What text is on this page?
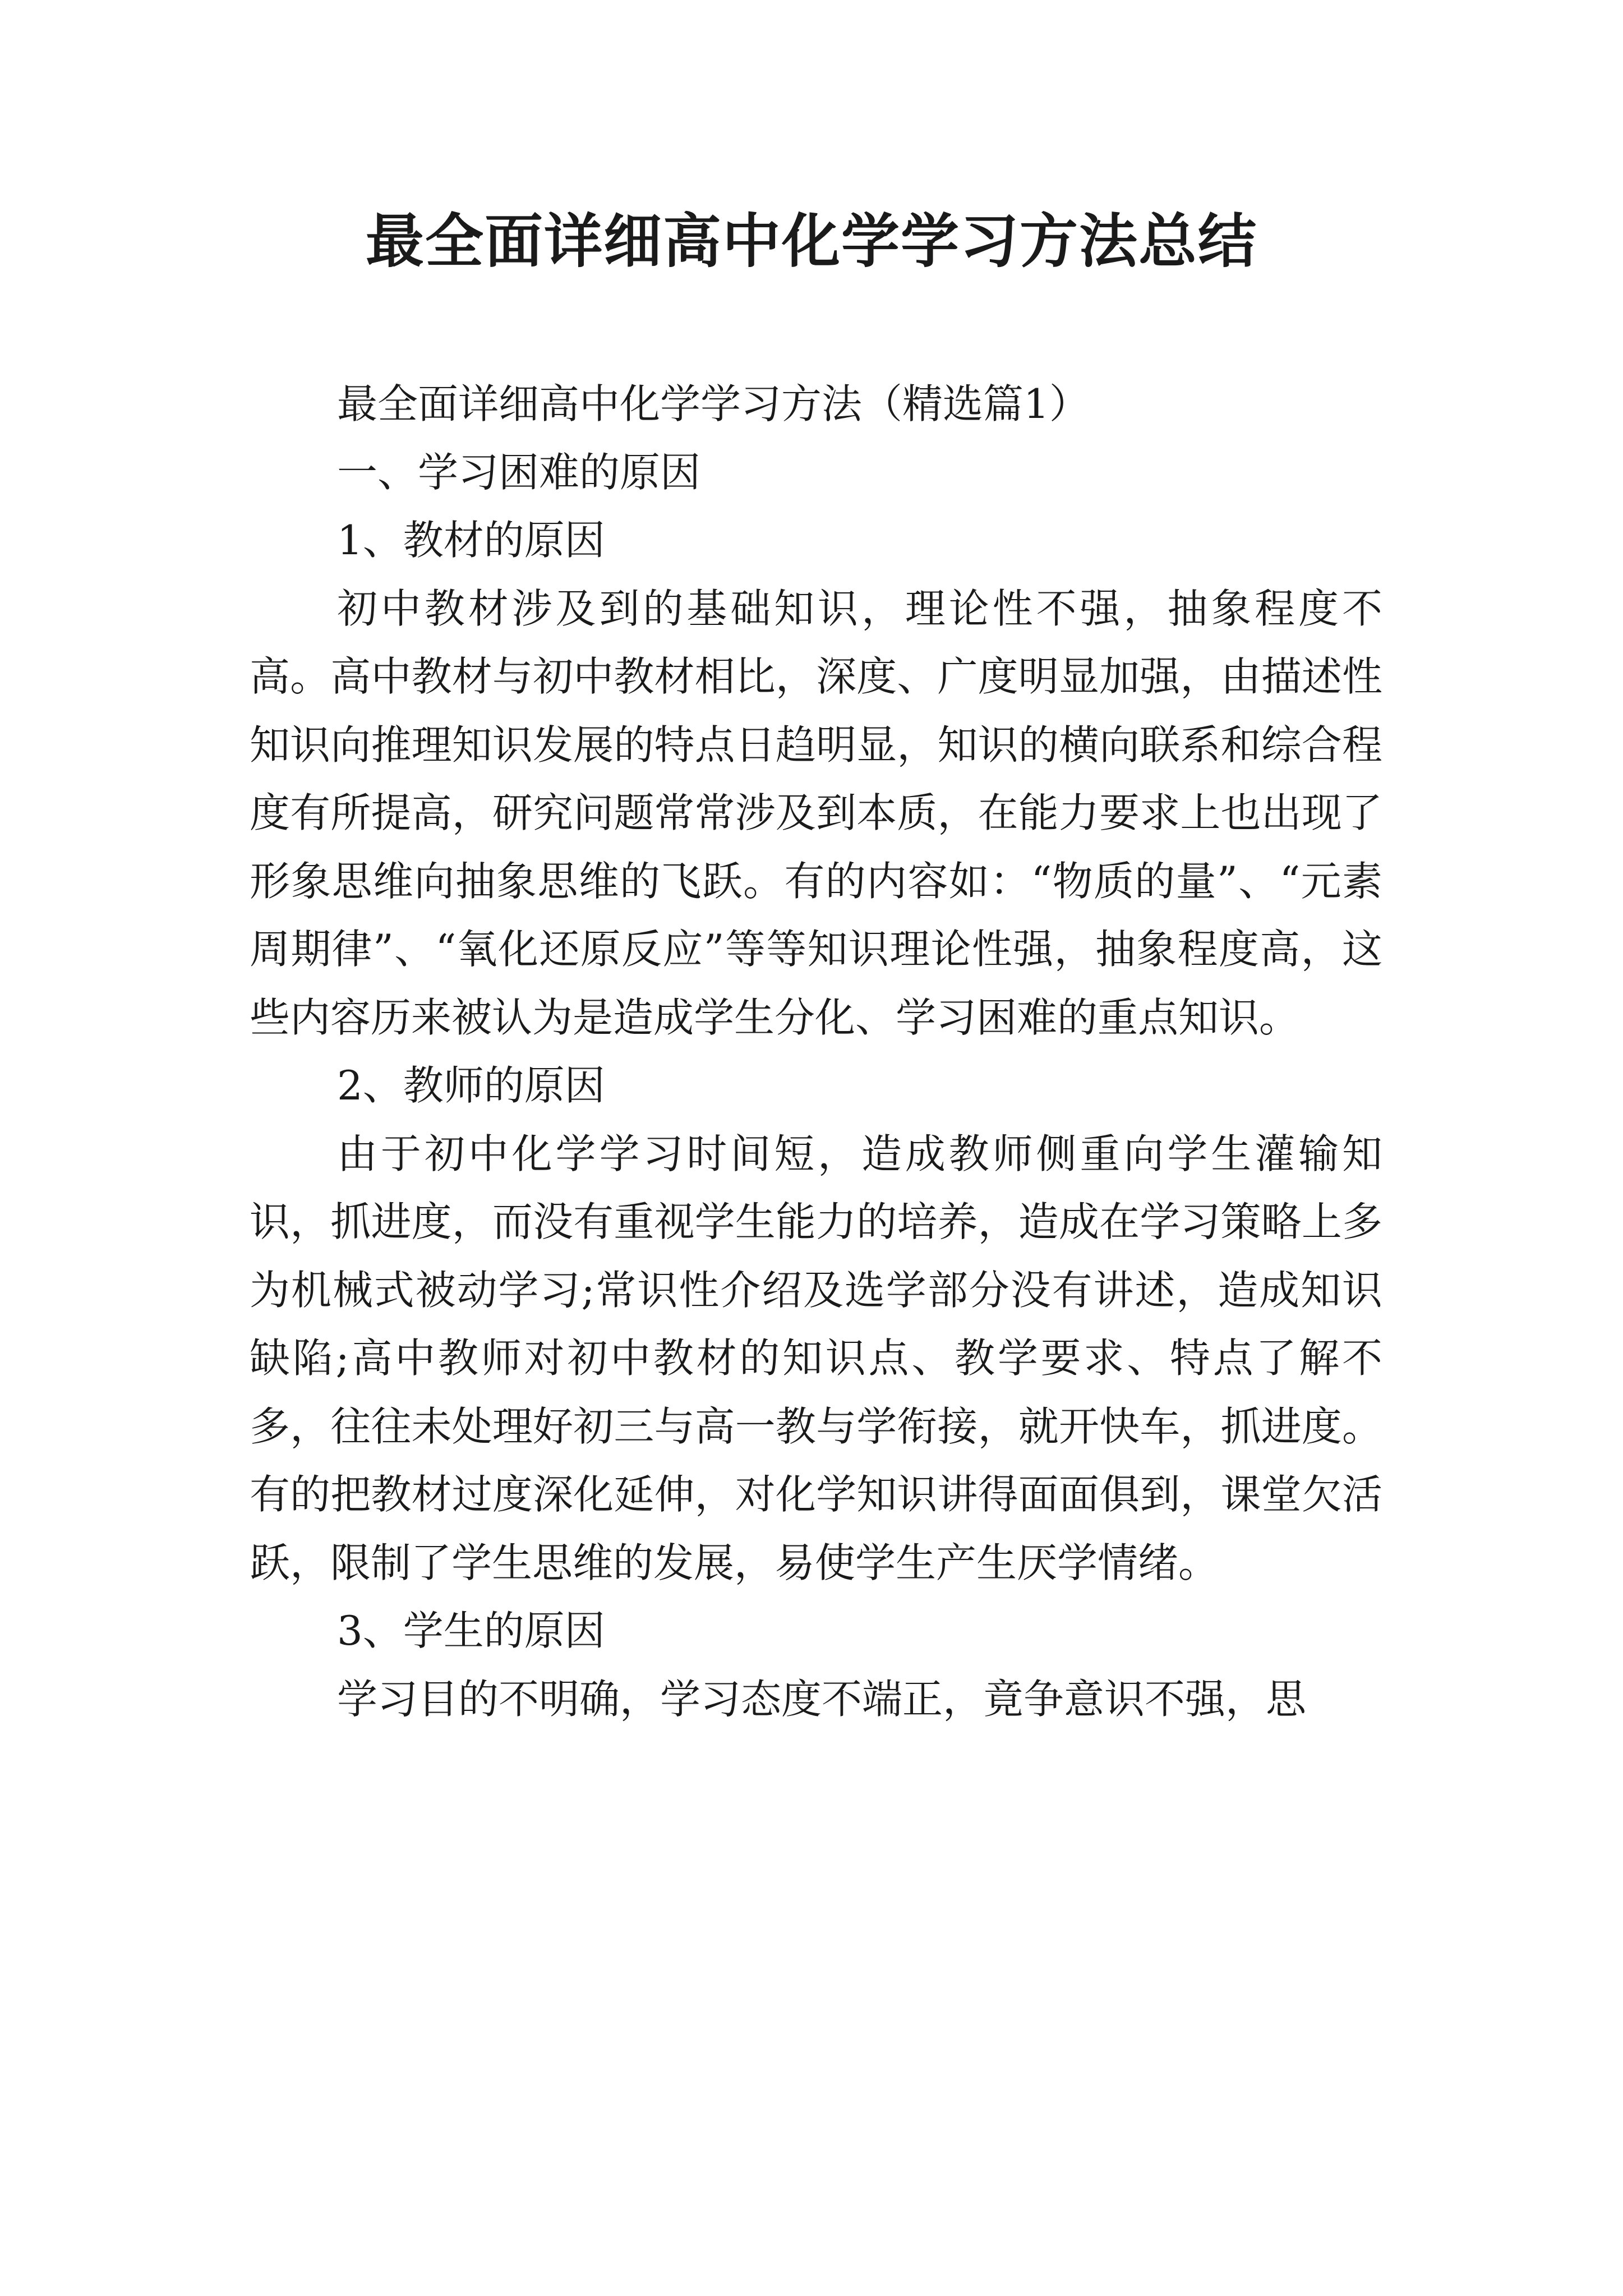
最全面详细高中化学学习方法总结

最全面详细高中化学学习方法（精选篇1）

一、学习困难的原因

1、教材的原因

初中教材涉及到的基础知识，理论性不强，抽象程度不高。高中教材与初中教材相比，深度、广度明显加强，由描述性知识向推理知识发展的特点日趋明显，知识的横向联系和综合程度有所提高，研究问题常常涉及到本质，在能力要求上也出现了形象思维向抽象思维的飞跃。有的内容如：“物质的量”、“元素周期律”、“氧化还原反应”等等知识理论性强，抽象程度高，这些内容历来被认为是造成学生分化、学习困难的重点知识。

2、教师的原因

由于初中化学学习时间短，造成教师侧重向学生灌输知识，抓进度，而没有重视学生能力的培养，造成在学习策略上多为机械式被动学习;常识性介绍及选学部分没有讲述，造成知识缺陷;高中教师对初中教材的知识点、教学要求、特点了解不多，往往未处理好初三与高一教与学衔接，就开快车，抓进度。有的把教材过度深化延伸，对化学知识讲得面面俱到，课堂欠活跃，限制了学生思维的发展，易使学生产生厌学情绪。

3、学生的原因

学习目的不明确，学习态度不端正，竟争意识不强，思
